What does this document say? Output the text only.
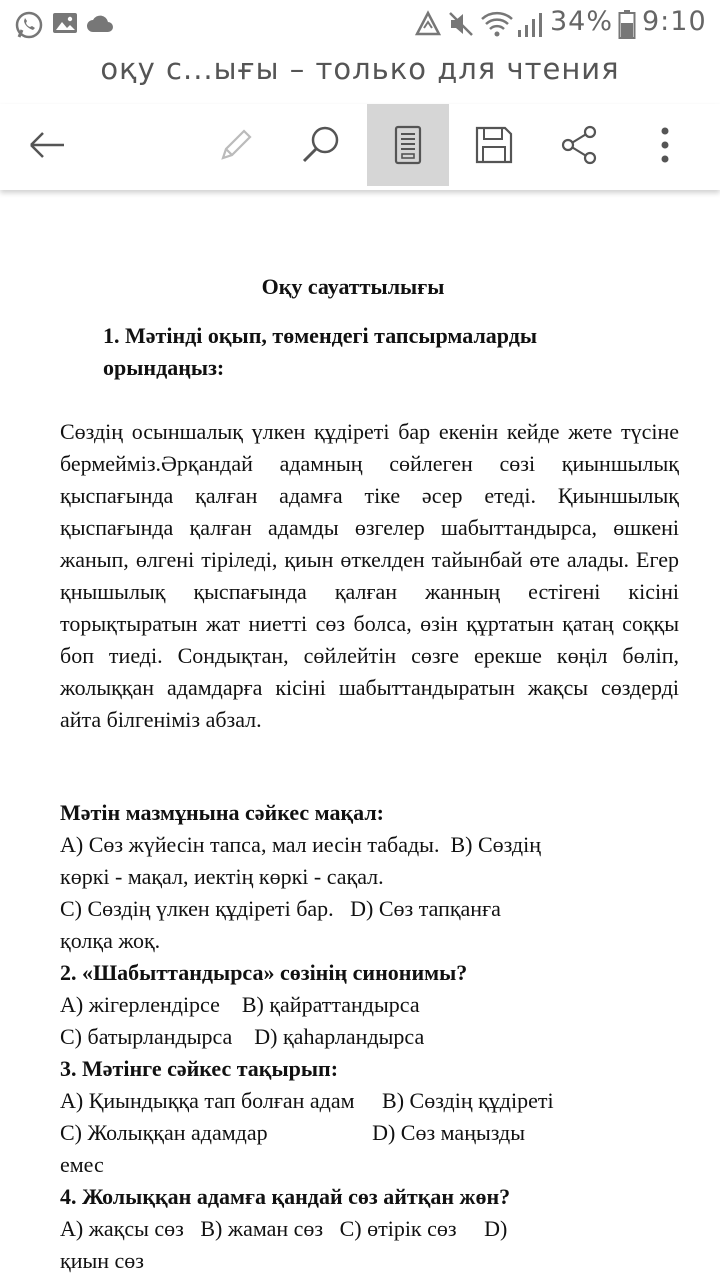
34% 9:10
оқу с...ығы – только для чтения
Оқу сауаттылығы
1. Мәтінді оқып, төмендегі тапсырмаларды орындаңыз:
Сөздің осыншалық үлкен құдіреті бар екенін кейде жете түсіне бермейміз.Әрқандай адамның сөйлеген сөзі қиыншылық қыспағында қалған адамға тіке әсер етеді. Қиыншылық қыспағында қалған адамды өзгелер шабыттандырса, өшкені жанып, өлгені тіріледі, қиын өткелден тайынбай өте алады. Егер қнышылық қыспағында қалған жанның естігені кісіні торықтыратын жат ниетті сөз болса, өзін құртатын қатаң соққы боп тиеді. Сондықтан, сөйлейтін сөзге ерекше көңіл бөліп, жолыққан адамдарға кісіні шабыттандыратын жақсы сөздерді айта білгеніміз абзал.
Мәтін мазмұнына сәйкес мақал:
А) Сөз жүйесін тапса, мал иесін табады.  В) Сөздің
көркі - мақал, иектің көркі - сақал.
С) Сөздің үлкен құдіреті бар.   D) Сөз тапқанға
қолқа жоқ.
2. «Шабыттандырса» сөзінің синонимы?
А) жігерлендірсе    В) қайраттандырса
С) батырландырса    D) қаһарландырса
3. Мәтінге сәйкес тақырып:
А) Қиындыққа тап болған адам     В) Сөздің құдіреті
С) Жолыққан адамдар                   D) Сөз маңызды
емес
4. Жолыққан адамға қандай сөз айтқан жөн?
А) жақсы сөз   В) жаман сөз   С) өтірік сөз     D)
қиын сөз
